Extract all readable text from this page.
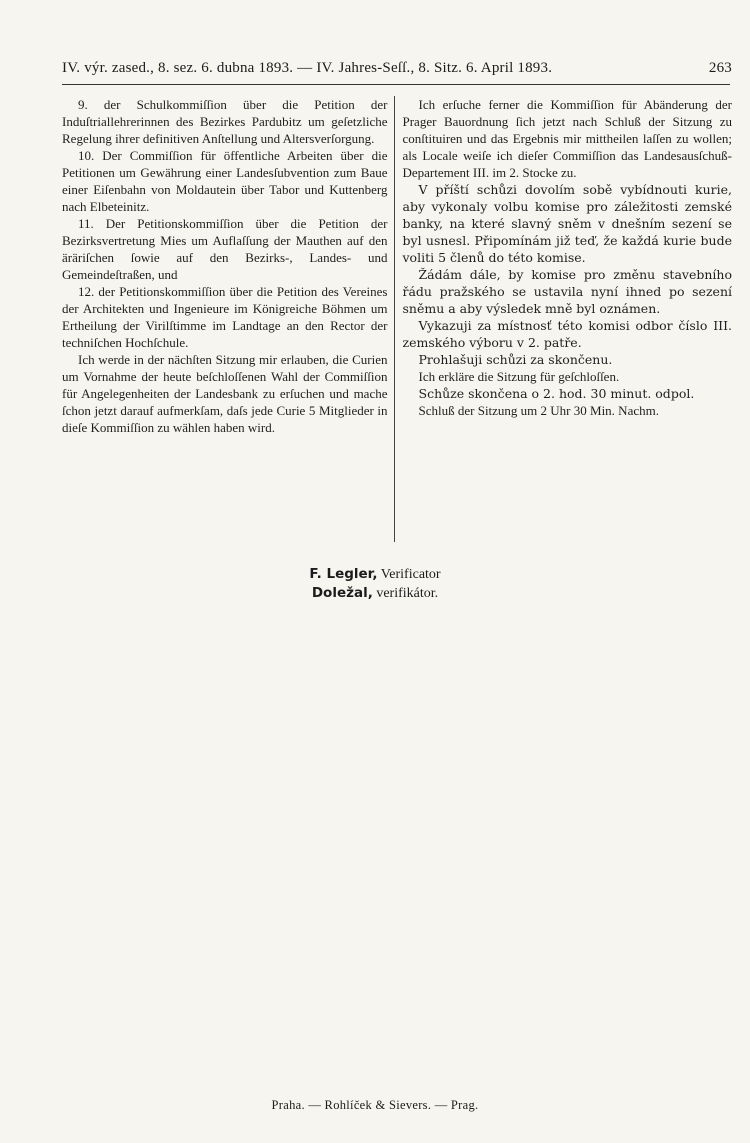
IV. výr. zased., 8. sez. 6. dubna 1893. — IV. Jahres-Seſſ., 8. Sitz. 6. April 1893.	263

9. der Schulkommiſſion über die Petition der Induſtriallehrerinnen des Bezirkes Pardubitz um geſetzliche Regelung ihrer definitiven Anſtellung und Altersverſorgung.

10. Der Commiſſion für öffentliche Arbeiten über die Petitionen um Gewährung einer Landesſubvention zum Baue einer Eiſenbahn von Moldautein über Tabor und Kuttenberg nach Elbeteinitz.

11. Der Petitionskommiſſion über die Petition der Bezirksvertretung Mies um Auflaſſung der Mauthen auf den äräriſchen ſowie auf den Bezirks-, Landes- und Gemeindeſtraßen, und

12. der Petitionskommiſſion über die Petition des Vereines der Architekten und Ingenieure im Königreiche Böhmen um Ertheilung der Virilſtimme im Landtage an den Rector der techniſchen Hochſchule.

Ich werde in der nächſten Sitzung mir erlauben, die Curien um Vornahme der heute beſchloſſenen Wahl der Commiſſion für Angelegenheiten der Landesbank zu erſuchen und mache ſchon jetzt darauf aufmerkſam, daſs jede Curie 5 Mitglieder in dieſe Kommiſſion zu wählen haben wird.

Ich erſuche ferner die Kommiſſion für Abänderung der Prager Bauordnung ſich jetzt nach Schluß der Sitzung zu conſtituiren und das Ergebnis mir mittheilen laſſen zu wollen; als Locale weiſe ich dieſer Commiſſion das Landesausſchuß-Departement III. im 2. Stocke zu.

V příští schůzi dovolím sobě vybídnouti kurie, aby vykonaly volbu komise pro záležitosti zemské banky, na které slavný sněm v dnešním sezení se byl usnesl. Připomínám již teď, že každá kurie bude voliti 5 členů do této komise.

Žádám dále, by komise pro změnu stavebního řádu pražského se ustavila nyní ihned po sezení sněmu a aby výsledek mně byl oznámen.

Vykazuji za místnosť této komisi odbor číslo III. zemského výboru v 2. patře.

Prohlašuji schůzi za skončenu.

Ich erkläre die Sitzung für geſchloſſen.

Schůze skončena o 2. hod. 30 minut. odpol.

Schluß der Sitzung um 2 Uhr 30 Min. Nachm.

F. Legler, Verificator
Doležal, verifikátor.
Praha. — Rohlíček & Sievers. — Prag.
